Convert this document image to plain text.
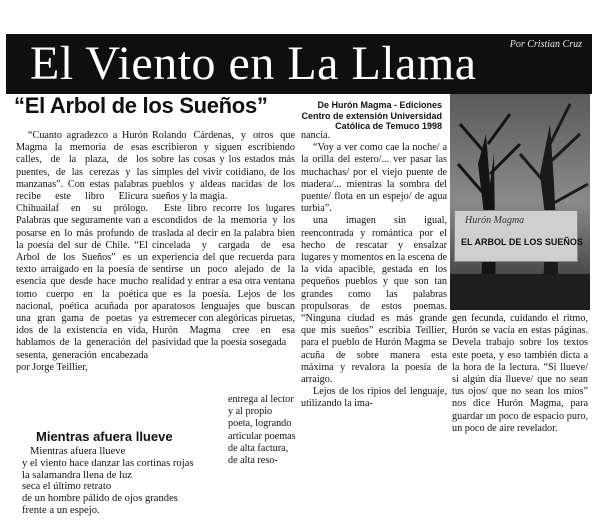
El Viento en La Llama	Por Cristian Cruz
“El Arbol de los Sueños”	De Hurón Magma - Ediciones
Centro de extensión Universidad
Católica de Temuco 1998

“Cuanto agradezco a Hurón Magma la memoria de esas calles, de la plaza, de los puentes, de las cerezas y las manzanas”. Con estas palabras recibe este libro Elicura Chihuailaf en su prólogo. Palabras que seguramente van a posarse en lo más profundo de la poesía del sur de Chile. “El Arbol de los Sueños” es un texto arraigado en la poesía de esencia que desde hace mucho tomo cuerpo en la poética nacional, poética acuñada por una gran gama de poetas ya idos de la existencia en vida, hablamos de la generación del sesenta, generación encabezada por Jorge Teillier,

Rolando Cárdenas, y otros que escribieron y siguen escribiendo sobre las cosas y los estados más simples del vivir cotidiano, de los pueblos y aldeas nacidas de los sueños y la magia.

Este libro recorre los lugares escondidos de la memoria y los traslada al decir en la palabra bien cincelada y cargada de esa experiencia del que recuerda para sentirse un poco alejado de la realidad y entrar a esa otra ventana que es la poesía. Lejos de los aparatosos lenguajes que buscan estremecer con alegóricas piruetas, Hurón Magma cree en esa pasividad que la poesía sosegada

entrega al lector y al propio poeta, logrando articular poemas de alta factura, de alta reso-

nancia.

“Voy a ver como cae la noche/ a la orilla del estero/... ver pasar las muchachas/ por el viejo puente de madera/... mientras la sombra del puente/ flota en un espejo/ de agua turbia”.

una imagen sin igual, reencontrada y romántica por el hecho de rescatar y ensalzar lugares y momentos en la escena de la vida apacible, gestada en los pequeños pueblos y que son tan grandes como las palabras propulsoras de estos poemas. “Ninguna ciudad es más grande que mis sueños” escribía Teillier, para el pueblo de Hurón Magma se acuña de sobre manera esta máxima y revalora la poesía de arraigo.

Lejos de los ripios del lenguaje, utilizando la ima-

gen fecunda, cuidando el ritmo, Hurón se vacía en estas páginas. Devela trabajo sobre los textos este poeta, y eso también dicta a la hora de la lectura. “Si llueve/ si algún día llueve/ que no sean tus ojos/ que no sean los míos” nos dice Hurón Magma, para guardar un poco de espacio puro, un poco de aire revelador.

Mientras afuera llueve
Mientras afuera llueve
y el viento hace danzar las cortinas rojas
la salamandra llena de luz
seca el último retrato
de un hombre pálido de ojos grandes
frente a un espejo.
Hurón Magma
EL ARBOL DE LOS SUEÑOS
